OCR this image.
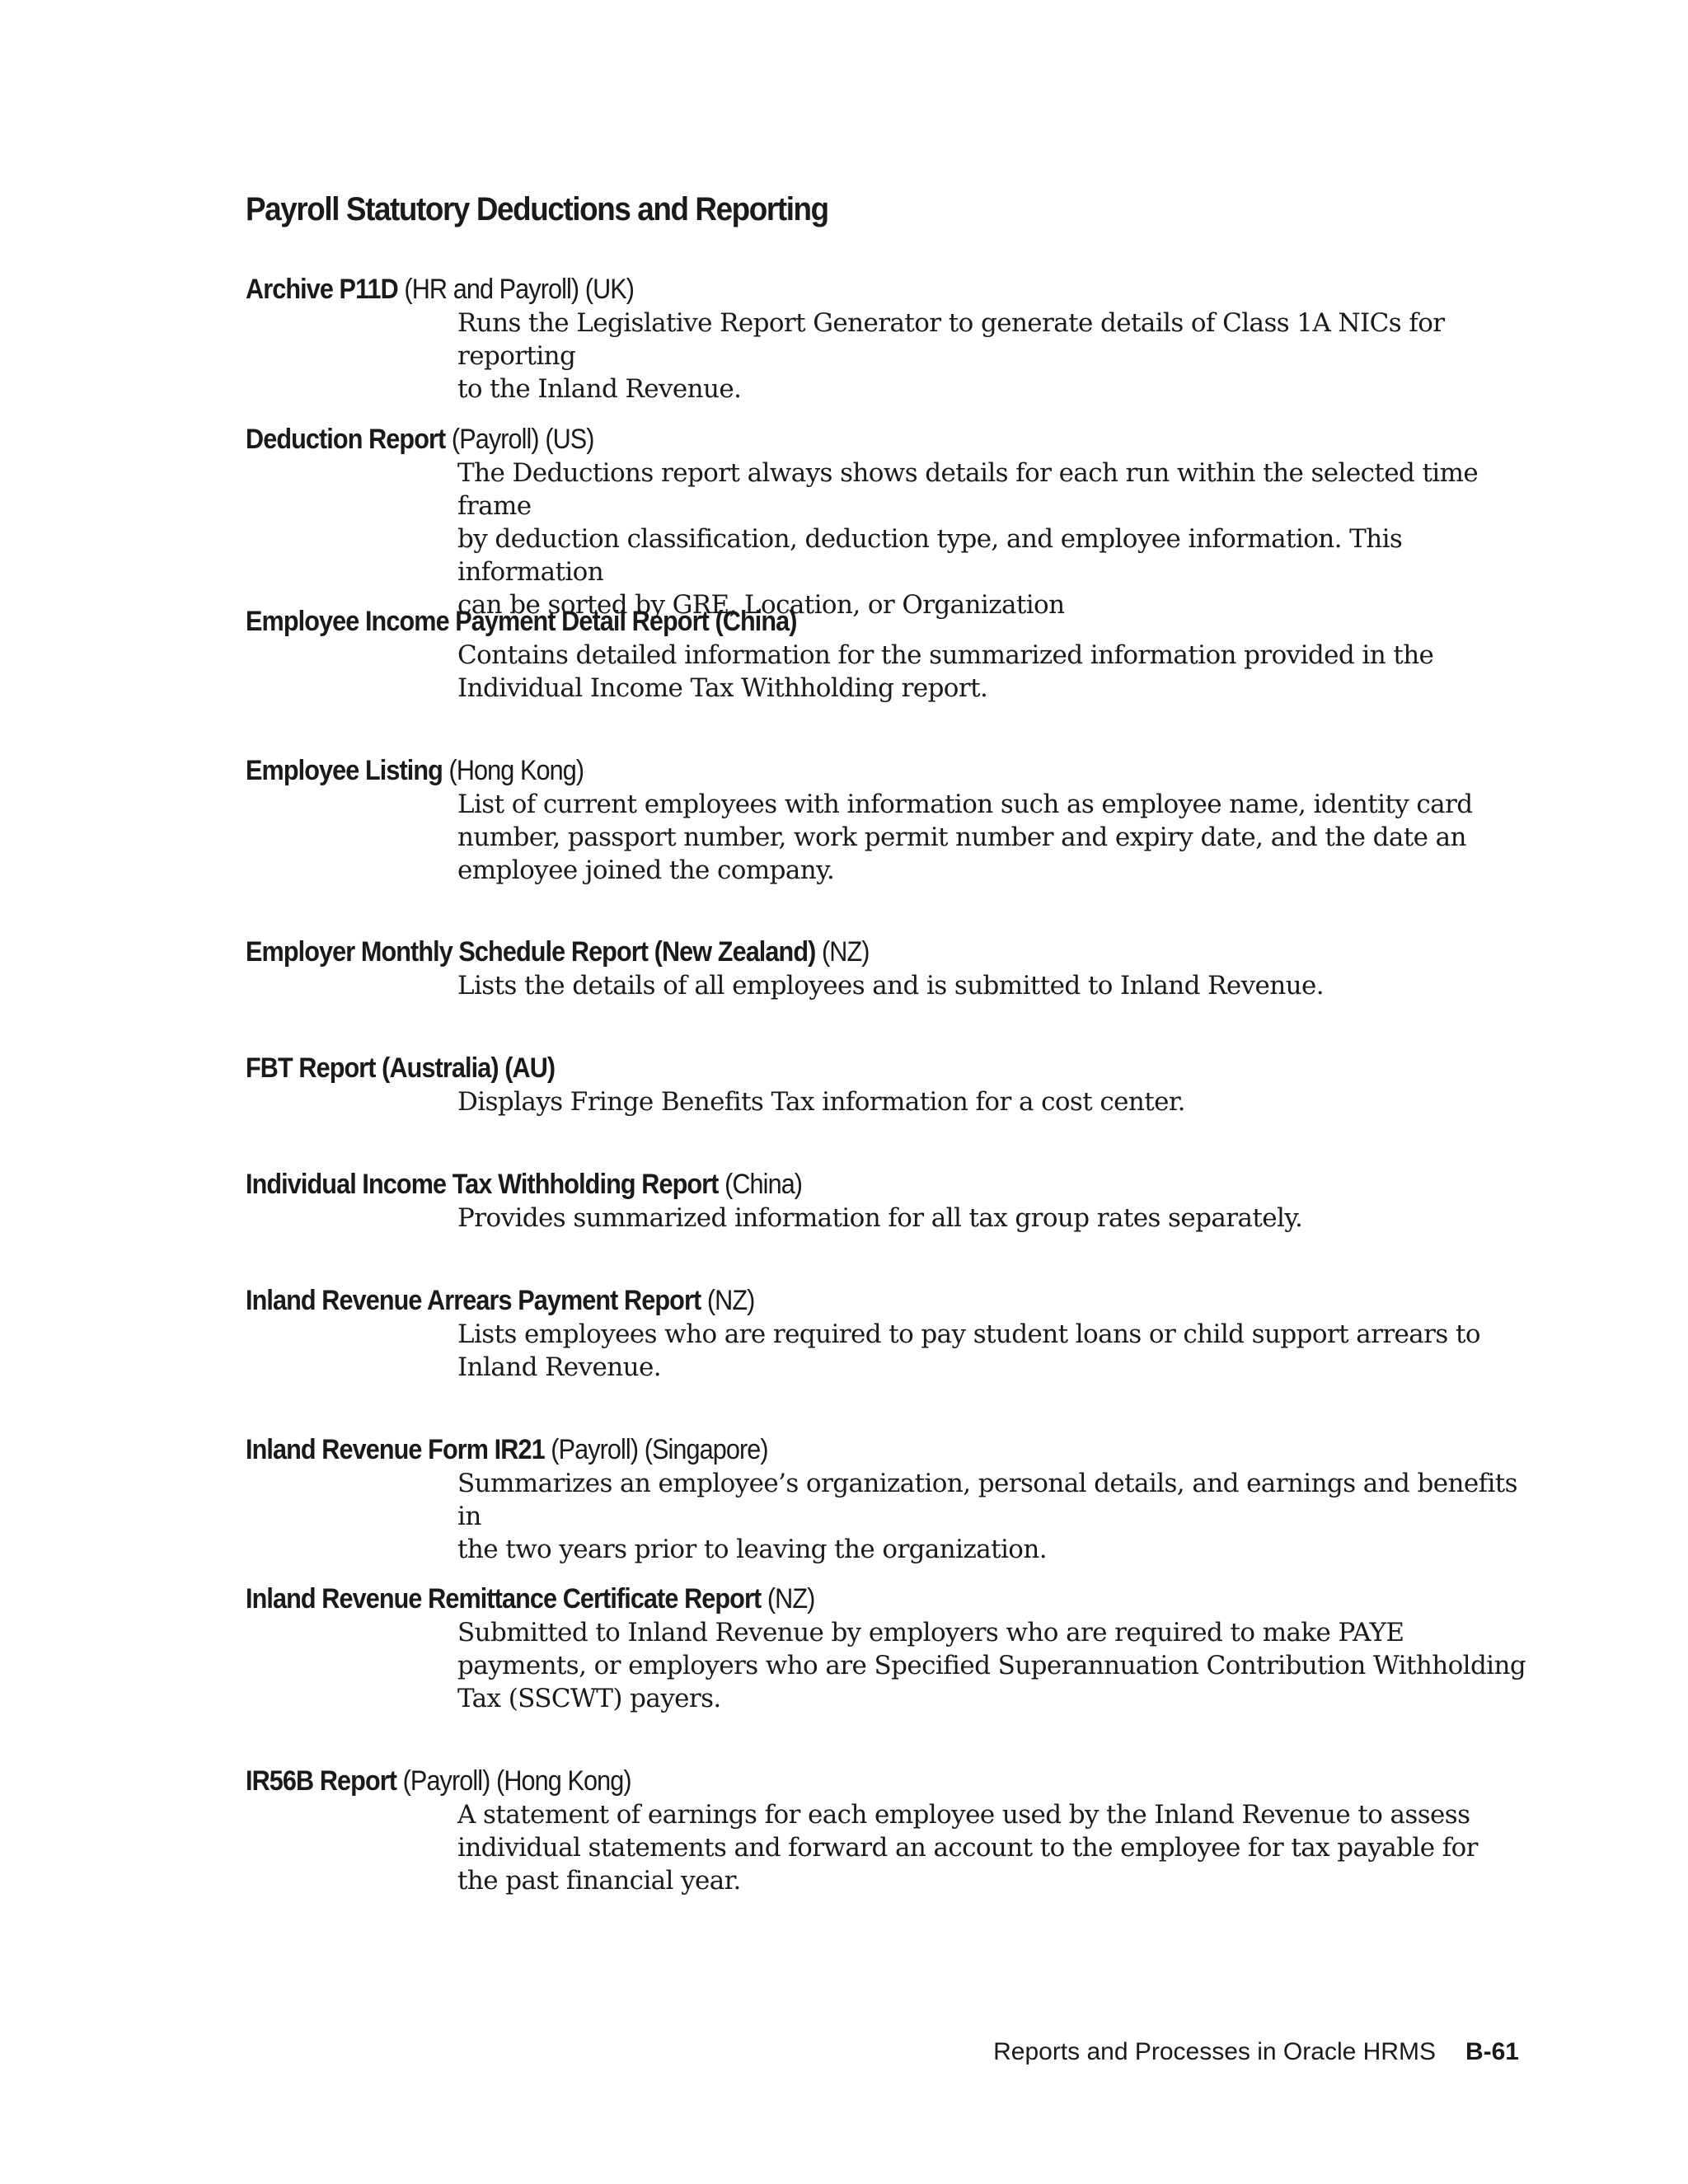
Payroll Statutory Deductions and Reporting

Archive P11D (HR and Payroll) (UK)

Runs the Legislative Report Generator to generate details of Class 1A NICs for reporting
to the Inland Revenue.

Deduction Report (Payroll) (US)

The Deductions report always shows details for each run within the selected time frame
by deduction classification, deduction type, and employee information. This information
can be sorted by GRE, Location, or Organization

Employee Income Payment Detail Report (China)

Contains detailed information for the summarized information provided in the
Individual Income Tax Withholding report.

Employee Listing (Hong Kong)

List of current employees with information such as employee name, identity card
number, passport number, work permit number and expiry date, and the date an
employee joined the company.

Employer Monthly Schedule Report (New Zealand) (NZ)

Lists the details of all employees and is submitted to Inland Revenue.

FBT Report (Australia) (AU)

Displays Fringe Benefits Tax information for a cost center.

Individual Income Tax Withholding Report (China)

Provides summarized information for all tax group rates separately.

Inland Revenue Arrears Payment Report (NZ)

Lists employees who are required to pay student loans or child support arrears to
Inland Revenue.

Inland Revenue Form IR21 (Payroll) (Singapore)

Summarizes an employee’s organization, personal details, and earnings and benefits in
the two years prior to leaving the organization.

Inland Revenue Remittance Certificate Report (NZ)

Submitted to Inland Revenue by employers who are required to make PAYE
payments, or employers who are Specified Superannuation Contribution Withholding
Tax (SSCWT) payers.

IR56B Report (Payroll) (Hong Kong)

A statement of earnings for each employee used by the Inland Revenue to assess
individual statements and forward an account to the employee for tax payable for
the past financial year.

Reports and Processes in Oracle HRMS B-61
